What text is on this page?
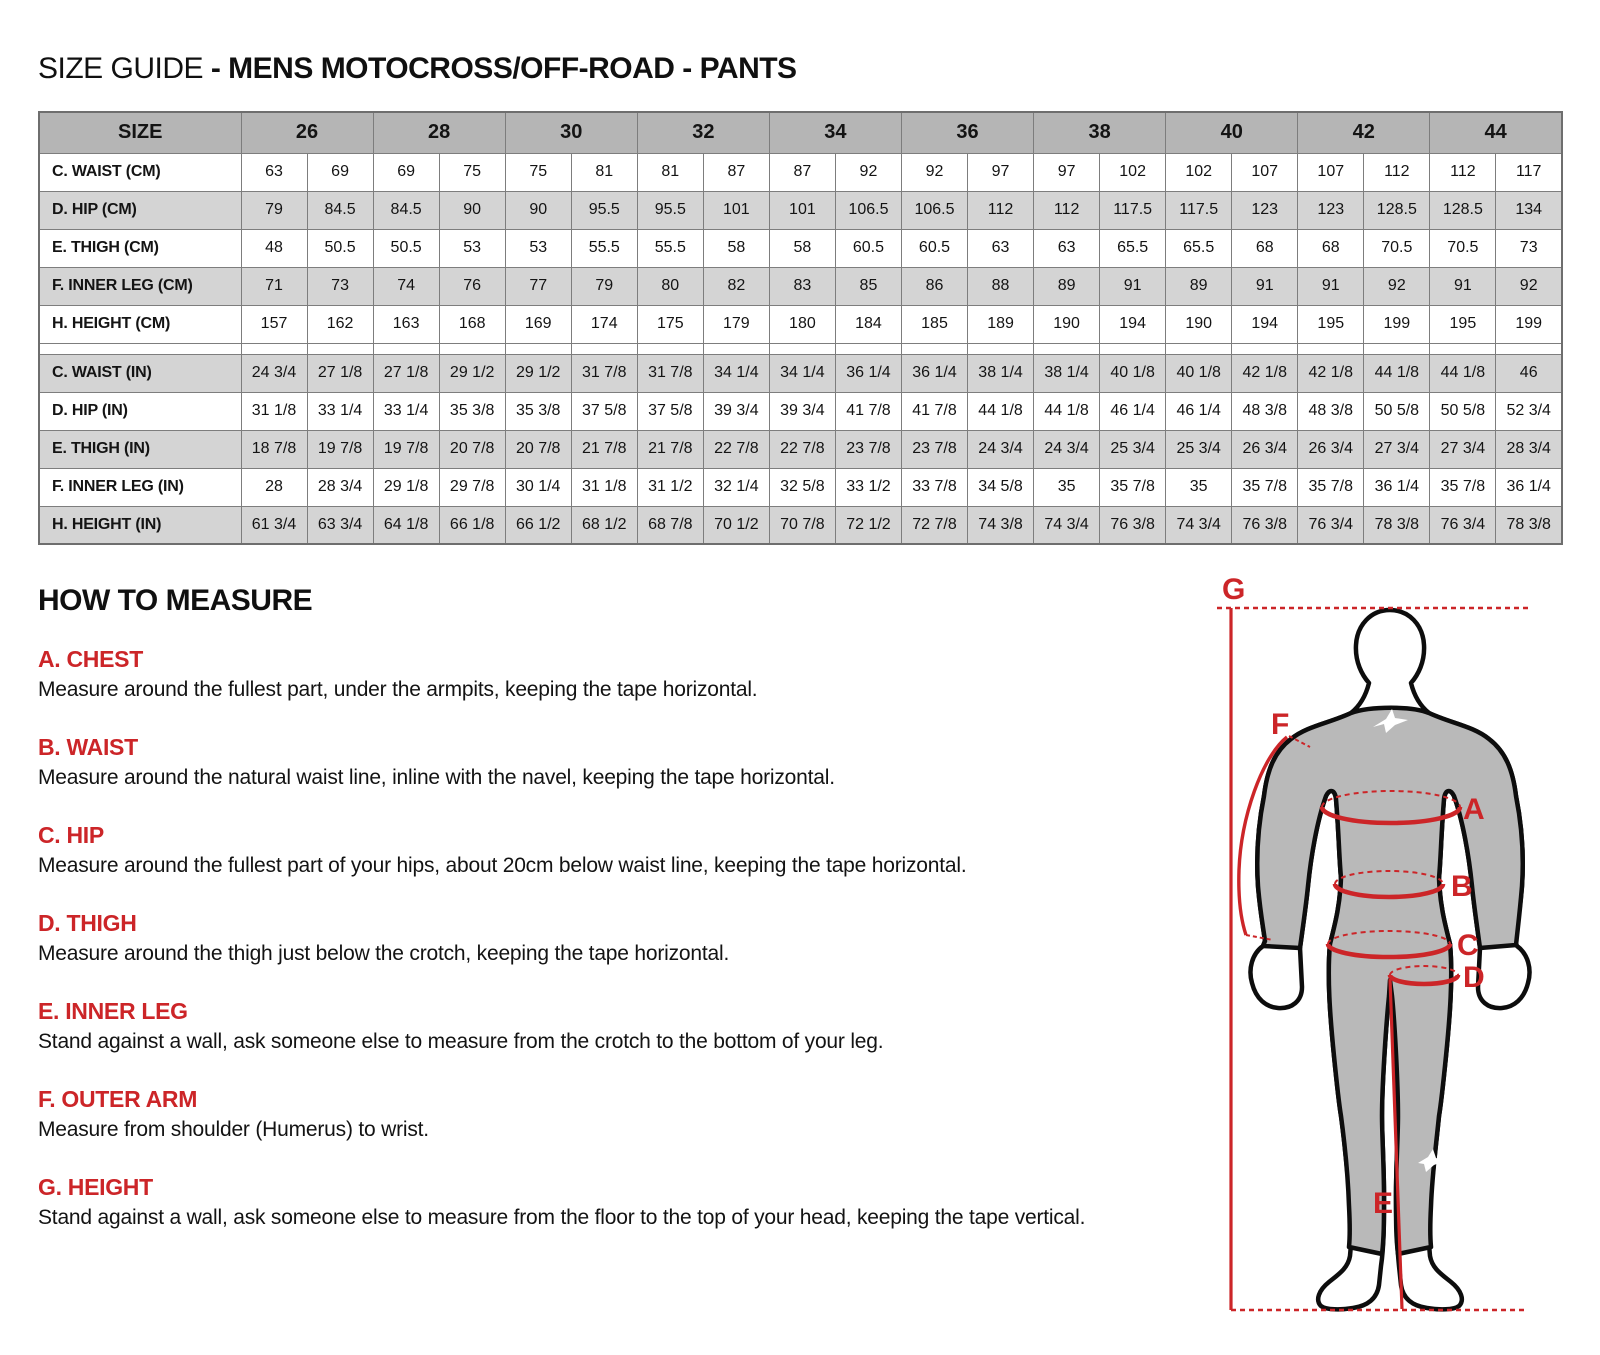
SIZE GUIDE - MENS MOTOCROSS/OFF-ROAD - PANTS
SIZE	26		28		30		32		34		36		38		40		42		44	
C. WAIST (CM)	63	69	69	75	75	81	81	87	87	92	92	97	97	102	102	107	107	112	112	117
D. HIP (CM)	79	84.5	84.5	90	90	95.5	95.5	101	101	106.5	106.5	112	112	117.5	117.5	123	123	128.5	128.5	134
E. THIGH (CM)	48	50.5	50.5	53	53	55.5	55.5	58	58	60.5	60.5	63	63	65.5	65.5	68	68	70.5	70.5	73
F. INNER LEG (CM)	71	73	74	76	77	79	80	82	83	85	86	88	89	91	89	91	91	92	91	92
H. HEIGHT (CM)	157	162	163	168	169	174	175	179	180	184	185	189	190	194	190	194	195	199	195	199

C. WAIST (IN)	24 3/4	27 1/8	27 1/8	29 1/2	29 1/2	31 7/8	31 7/8	34 1/4	34 1/4	36 1/4	36 1/4	38 1/4	38 1/4	40 1/8	40 1/8	42 1/8	42 1/8	44 1/8	44 1/8	46
D. HIP (IN)	31 1/8	33 1/4	33 1/4	35 3/8	35 3/8	37 5/8	37 5/8	39 3/4	39 3/4	41 7/8	41 7/8	44 1/8	44 1/8	46 1/4	46 1/4	48 3/8	48 3/8	50 5/8	50 5/8	52 3/4
E. THIGH (IN)	18 7/8	19 7/8	19 7/8	20 7/8	20 7/8	21 7/8	21 7/8	22 7/8	22 7/8	23 7/8	23 7/8	24 3/4	24 3/4	25 3/4	25 3/4	26 3/4	26 3/4	27 3/4	27 3/4	28 3/4
F. INNER LEG (IN)	28	28 3/4	29 1/8	29 7/8	30 1/4	31 1/8	31 1/2	32 1/4	32 5/8	33 1/2	33 7/8	34 5/8	35	35 7/8	35	35 7/8	35 7/8	36 1/4	35 7/8	36 1/4
H. HEIGHT (IN)	61 3/4	63 3/4	64 1/8	66 1/8	66 1/2	68 1/2	68 7/8	70 1/2	70 7/8	72 1/2	72 7/8	74 3/8	74 3/4	76 3/8	74 3/4	76 3/8	76 3/4	78 3/8	76 3/4	78 3/8
HOW TO MEASURE
A. CHEST

Measure around the fullest part, under the armpits, keeping the tape horizontal.

B. WAIST

Measure around the natural waist line, inline with the navel, keeping the tape horizontal.

C. HIP

Measure around the fullest part of your hips, about 20cm below waist line, keeping the tape horizontal.

D. THIGH

Measure around the thigh just below the crotch, keeping the tape horizontal.

E. INNER LEG

Stand against a wall, ask someone else to measure from the crotch to the bottom of your leg.

F. OUTER ARM

Measure from shoulder (Humerus) to wrist.

G. HEIGHT

Stand against a wall, ask someone else to measure from the floor to the top of your head, keeping the tape vertical.

G
F
A
B
C
D
E
